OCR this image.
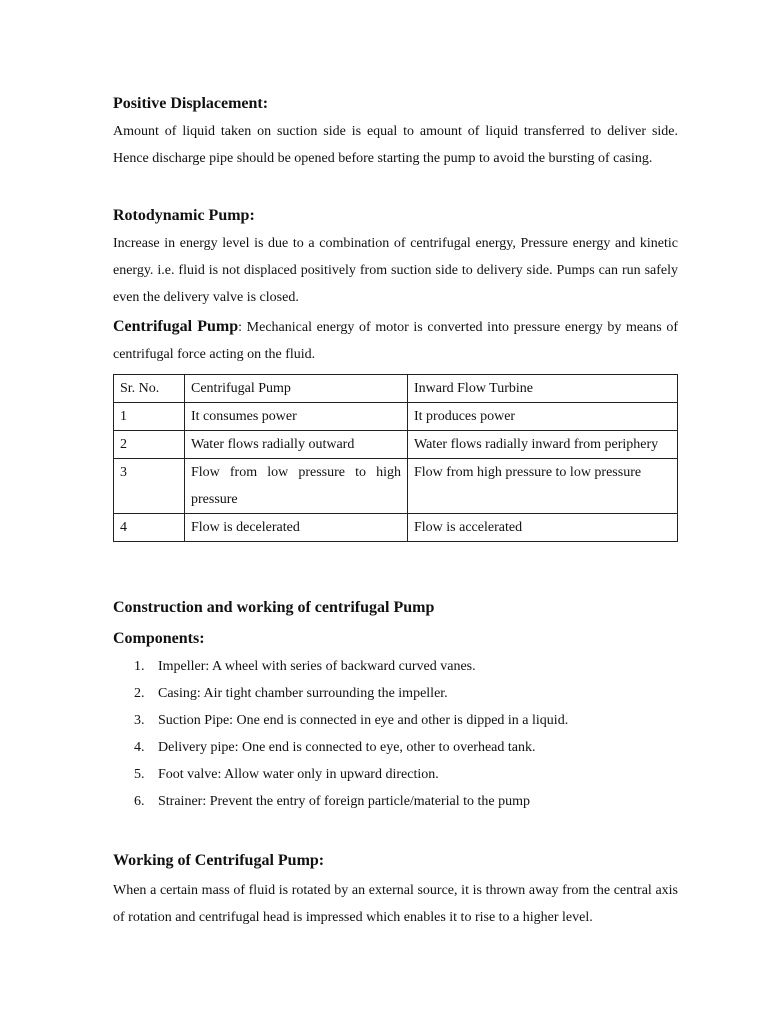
Positive Displacement:

Amount of liquid taken on suction side is equal to amount of liquid transferred to deliver side. Hence discharge pipe should be opened before starting the pump to avoid the bursting of casing.

Rotodynamic Pump:

Increase in energy level is due to a combination of centrifugal energy, Pressure energy and kinetic energy. i.e. fluid is not displaced positively from suction side to delivery side. Pumps can run safely even the delivery valve is closed.

Centrifugal Pump: Mechanical energy of motor is converted into pressure energy by means of centrifugal force acting on the fluid.

Sr. No.	Centrifugal Pump	Inward Flow Turbine
1	It consumes power	It produces power
2	Water flows radially outward	Water flows radially inward from periphery
3	Flow from low pressure to high pressure	Flow from high pressure to low pressure
4	Flow is decelerated	Flow is accelerated
Construction and working of centrifugal Pump
Components:
1. Impeller: A wheel with series of backward curved vanes.
2. Casing: Air tight chamber surrounding the impeller.
3. Suction Pipe: One end is connected in eye and other is dipped in a liquid.
4. Delivery pipe: One end is connected to eye, other to overhead tank.
5. Foot valve: Allow water only in upward direction.
6. Strainer: Prevent the entry of foreign particle/material to the pump
Working of Centrifugal Pump:

When a certain mass of fluid is rotated by an external source, it is thrown away from the central axis of rotation and centrifugal head is impressed which enables it to rise to a higher level.
